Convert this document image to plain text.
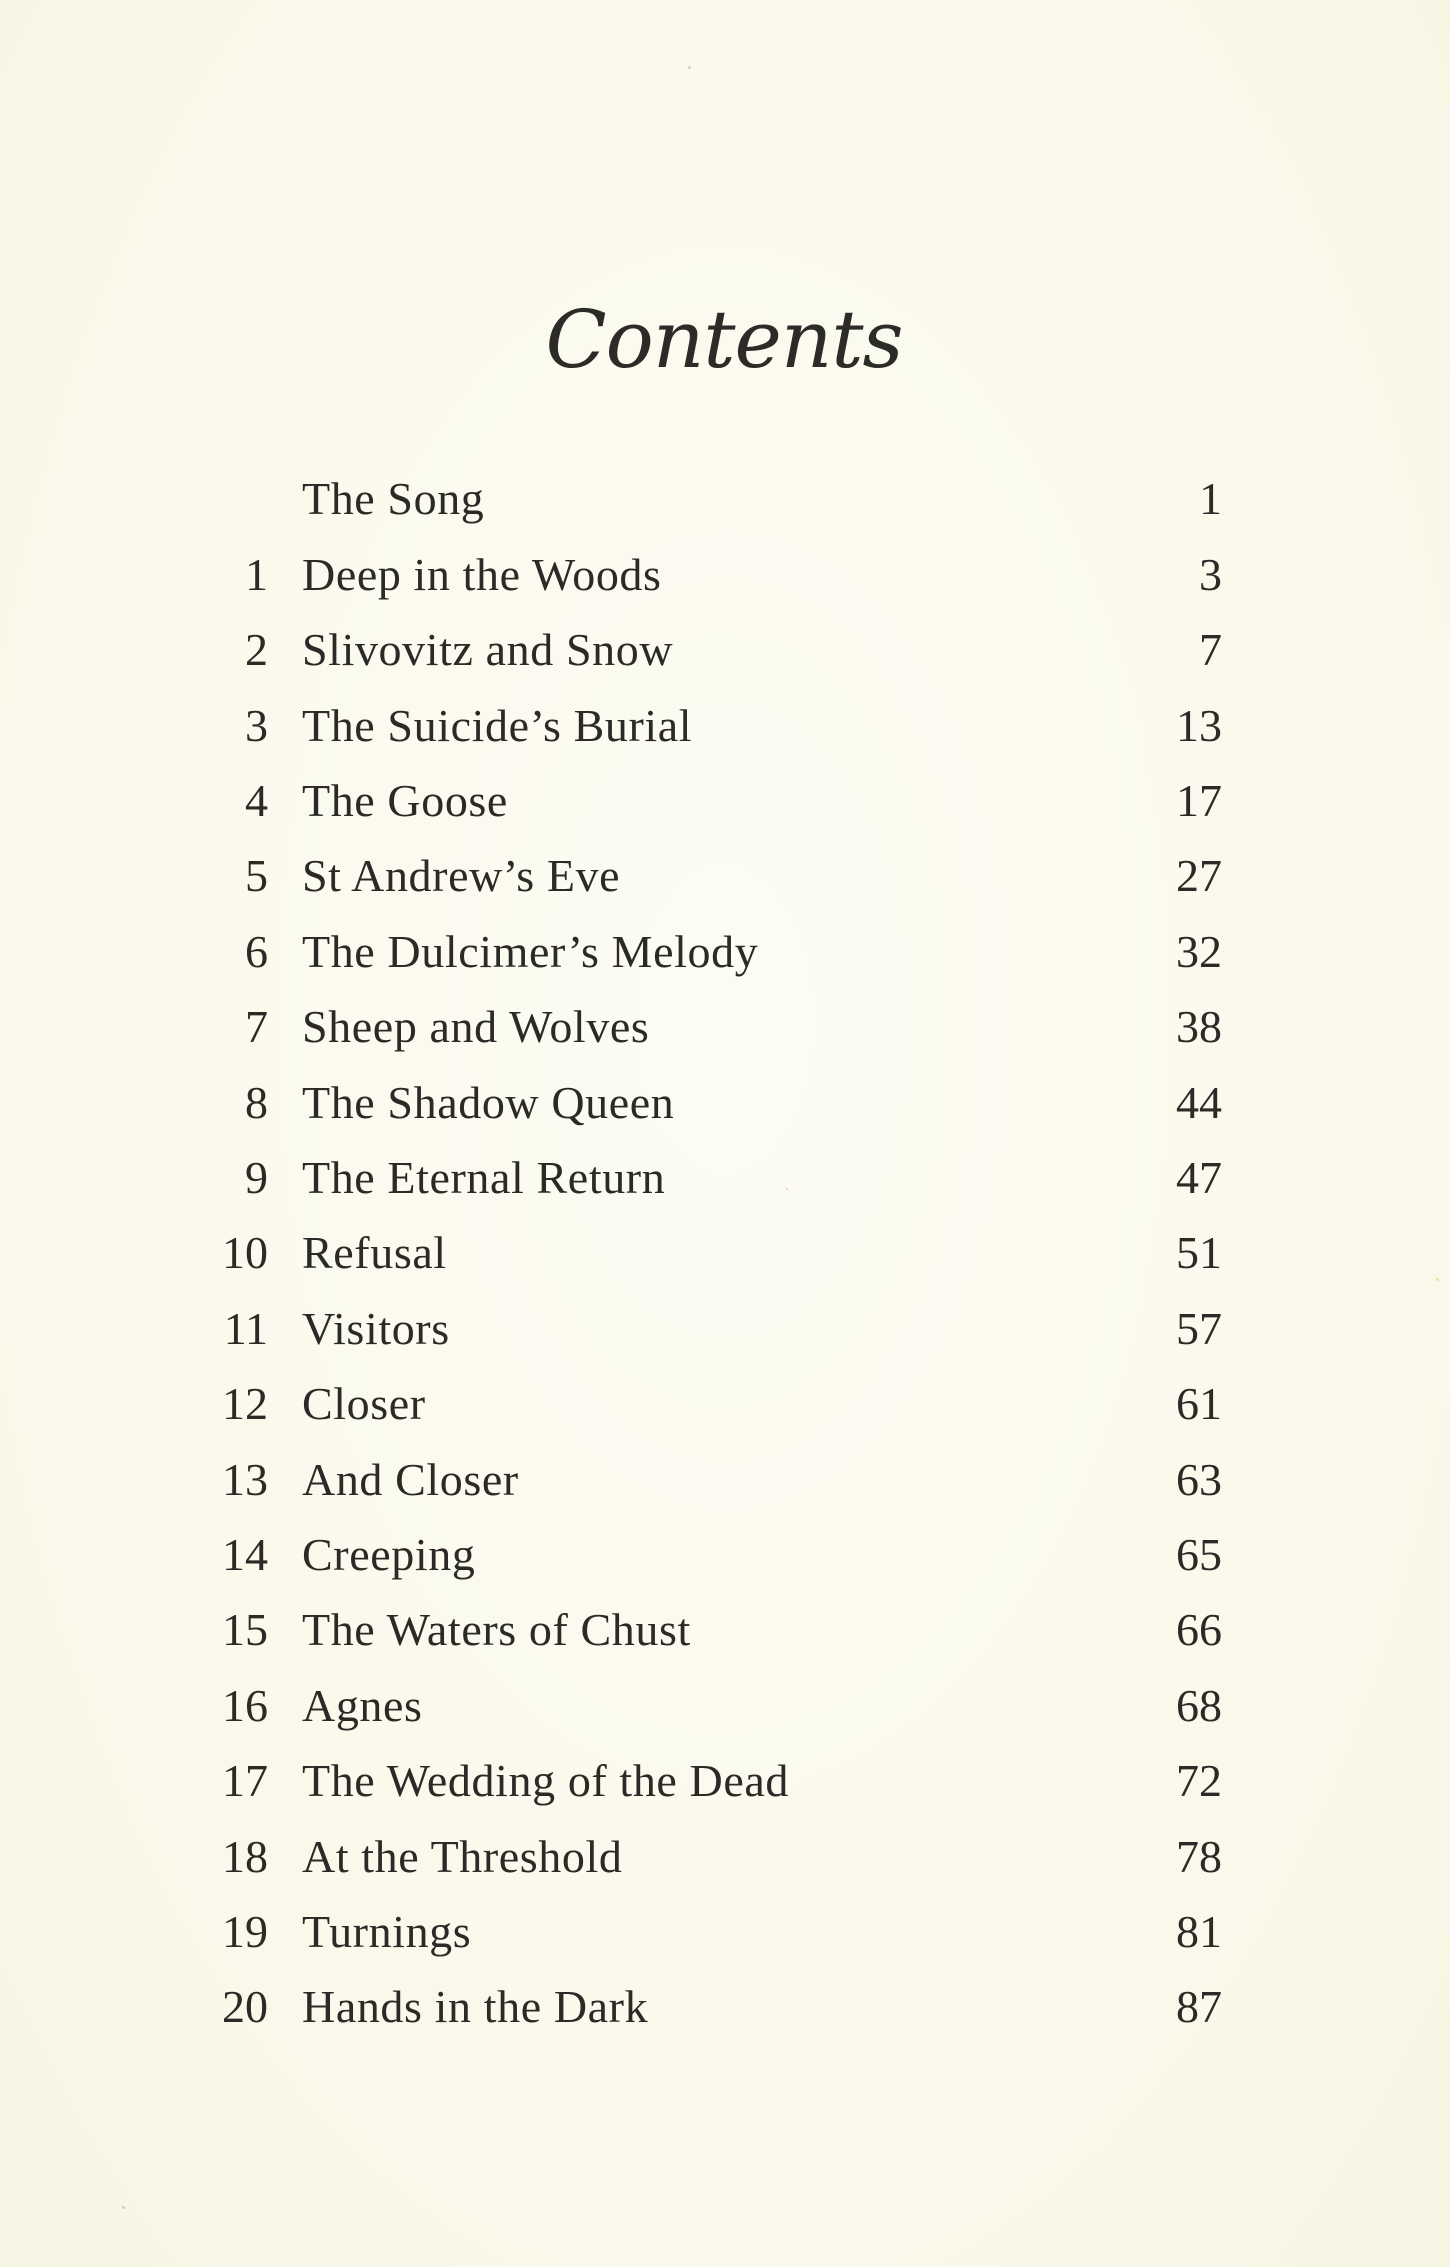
Contents
The Song	1
1 Deep in the Woods	3
2 Slivovitz and Snow	7
3 The Suicide’s Burial	13
4 The Goose	17
5 St Andrew’s Eve	27
6 The Dulcimer’s Melody	32
7 Sheep and Wolves	38
8 The Shadow Queen	44
9 The Eternal Return	47
10 Refusal	51
11 Visitors	57
12 Closer	61
13 And Closer	63
14 Creeping	65
15 The Waters of Chust	66
16 Agnes	68
17 The Wedding of the Dead	72
18 At the Threshold	78
19 Turnings	81
20 Hands in the Dark	87
